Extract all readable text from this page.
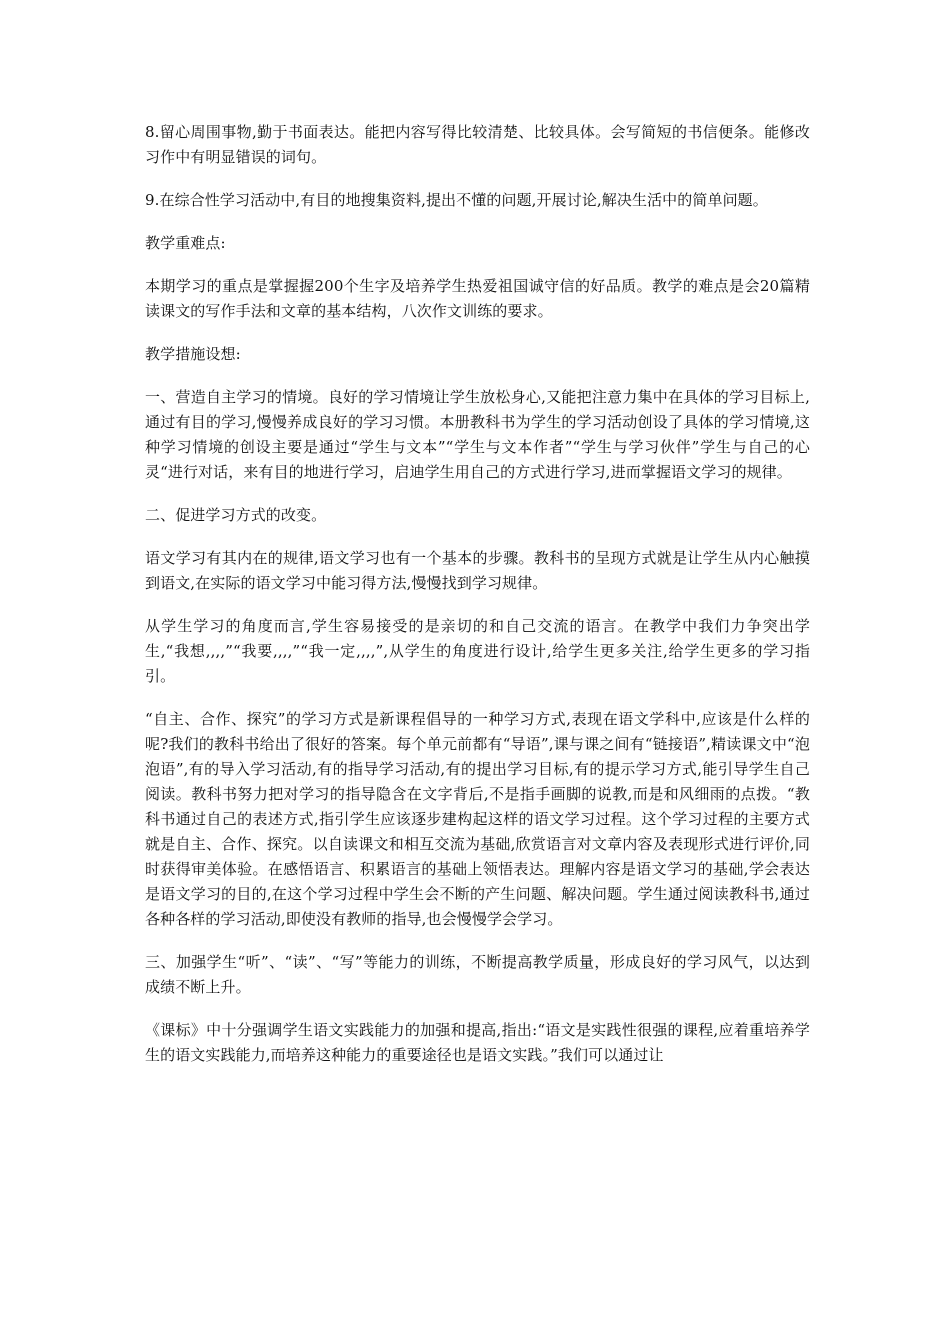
8.留心周围事物,勤于书面表达。能把内容写得比较清楚、比较具体。会写简短的书信便条。能修改习作中有明显错误的词句。

9.在综合性学习活动中,有目的地搜集资料,提出不懂的问题,开展讨论,解决生活中的简单问题。

教学重难点:

本期学习的重点是掌握握200个生字及培养学生热爱祖国诚守信的好品质。教学的难点是会20篇精读课文的写作手法和文章的基本结构，八次作文训练的要求。

教学措施设想:

一、营造自主学习的情境。良好的学习情境让学生放松身心,又能把注意力集中在具体的学习目标上,通过有目的学习,慢慢养成良好的学习习惯。本册教科书为学生的学习活动创设了具体的学习情境,这种学习情境的创设主要是通过“学生与文本”“学生与文本作者”“学生与学习伙伴”学生与自己的心灵“进行对话，来有目的地进行学习，启迪学生用自己的方式进行学习,进而掌握语文学习的规律。

二、促进学习方式的改变。

语文学习有其内在的规律,语文学习也有一个基本的步骤。教科书的呈现方式就是让学生从内心触摸到语文,在实际的语文学习中能习得方法,慢慢找到学习规律。

从学生学习的角度而言,学生容易接受的是亲切的和自己交流的语言。在教学中我们力争突出学生,“我想,,,,”“我要,,,,”“我一定,,,,”,从学生的角度进行设计,给学生更多关注,给学生更多的学习指引。

“自主、合作、探究”的学习方式是新课程倡导的一种学习方式,表现在语文学科中,应该是什么样的呢?我们的教科书给出了很好的答案。每个单元前都有“导语”,课与课之间有“链接语”,精读课文中“泡泡语”,有的导入学习活动,有的指导学习活动,有的提出学习目标,有的提示学习方式,能引导学生自己阅读。教科书努力把对学习的指导隐含在文字背后,不是指手画脚的说教,而是和风细雨的点拨。“教科书通过自己的表述方式,指引学生应该逐步建构起这样的语文学习过程。这个学习过程的主要方式就是自主、合作、探究。以自读课文和相互交流为基础,欣赏语言对文章内容及表现形式进行评价,同时获得审美体验。在感悟语言、积累语言的基础上领悟表达。理解内容是语文学习的基础,学会表达是语文学习的目的,在这个学习过程中学生会不断的产生问题、解决问题。学生通过阅读教科书,通过各种各样的学习活动,即使没有教师的指导,也会慢慢学会学习。

三、加强学生“听”、“读”、“写”等能力的训练，不断提高教学质量，形成良好的学习风气，以达到成绩不断上升。

《课标》中十分强调学生语文实践能力的加强和提高,指出:“语文是实践性很强的课程,应着重培养学生的语文实践能力,而培养这种能力的重要途径也是语文实践。”我们可以通过让
